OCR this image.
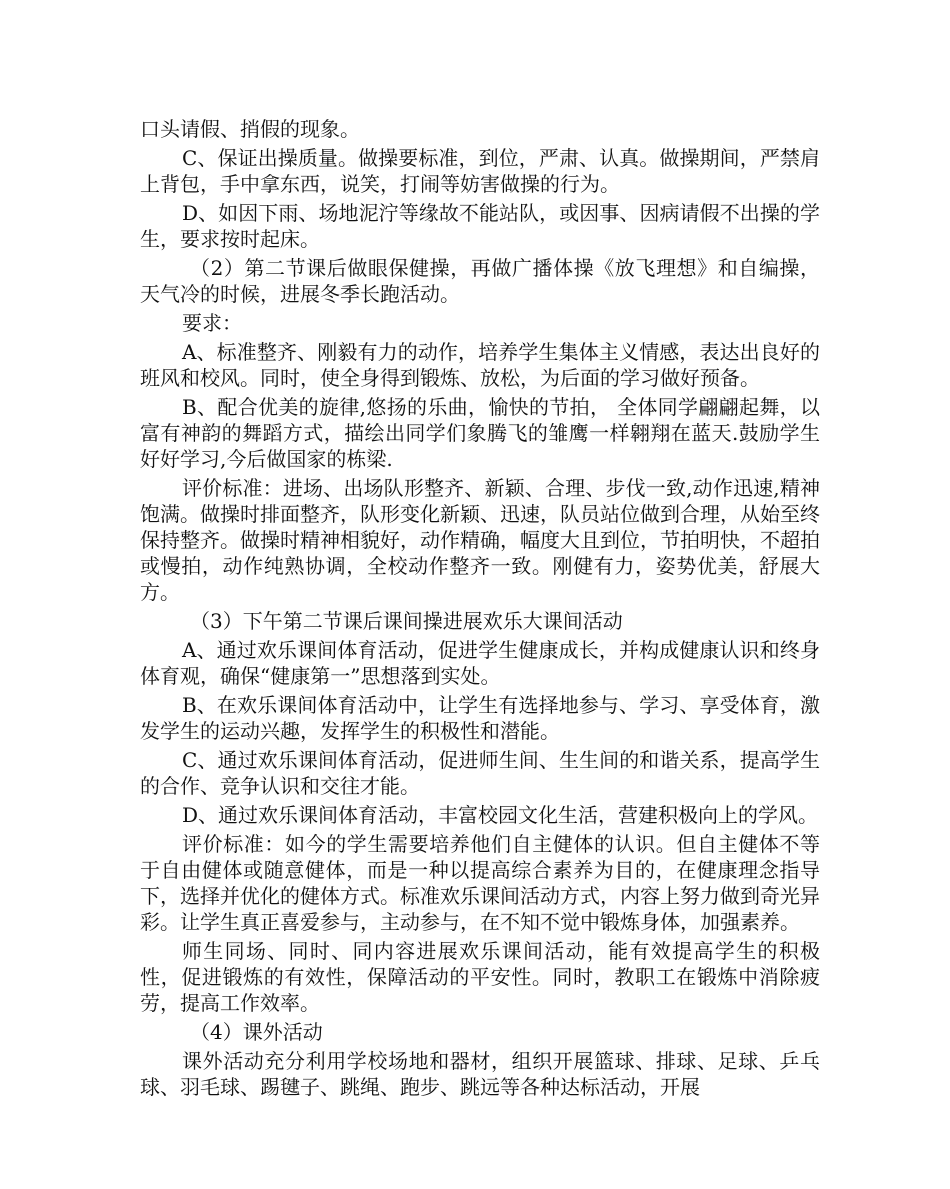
口头请假、捎假的现象。

C、保证出操质量。做操要标准，到位，严肃、认真。做操期间，严禁肩上背包，手中拿东西，说笑，打闹等妨害做操的行为。

D、如因下雨、场地泥泞等缘故不能站队，或因事、因病请假不出操的学生，要求按时起床。

（2）第二节课后做眼保健操，再做广播体操《放飞理想》和自编操，天气冷的时候，进展冬季长跑活动。

要求：

A、标准整齐、刚毅有力的动作，培养学生集体主义情感，表达出良好的班风和校风。同时，使全身得到锻炼、放松，为后面的学习做好预备。

B、配合优美的旋律,悠扬的乐曲，愉快的节拍， 全体同学翩翩起舞，以富有神韵的舞蹈方式，描绘出同学们象腾飞的雏鹰一样翱翔在蓝天.鼓励学生好好学习,今后做国家的栋梁.

评价标准：进场、出场队形整齐、新颖、合理、步伐一致,动作迅速,精神饱满。做操时排面整齐，队形变化新颖、迅速，队员站位做到合理，从始至终保持整齐。做操时精神相貌好，动作精确，幅度大且到位，节拍明快，不超拍或慢拍，动作纯熟协调，全校动作整齐一致。刚健有力，姿势优美，舒展大方。

（3）下午第二节课后课间操进展欢乐大课间活动

A、通过欢乐课间体育活动，促进学生健康成长，并构成健康认识和终身体育观，确保“健康第一”思想落到实处。

B、在欢乐课间体育活动中，让学生有选择地参与、学习、享受体育，激发学生的运动兴趣，发挥学生的积极性和潜能。

C、通过欢乐课间体育活动，促进师生间、生生间的和谐关系，提高学生的合作、竞争认识和交往才能。

D、通过欢乐课间体育活动，丰富校园文化生活，营建积极向上的学风。

评价标准：如今的学生需要培养他们自主健体的认识。但自主健体不等于自由健体或随意健体，而是一种以提高综合素养为目的，在健康理念指导下，选择并优化的健体方式。标准欢乐课间活动方式，内容上努力做到奇光异彩。让学生真正喜爱参与，主动参与，在不知不觉中锻炼身体，加强素养。

师生同场、同时、同内容进展欢乐课间活动，能有效提高学生的积极性，促进锻炼的有效性，保障活动的平安性。同时，教职工在锻炼中消除疲劳，提高工作效率。

（4）课外活动

课外活动充分利用学校场地和器材，组织开展篮球、排球、足球、乒乓球、羽毛球、踢毽子、跳绳、跑步、跳远等各种达标活动，开展
